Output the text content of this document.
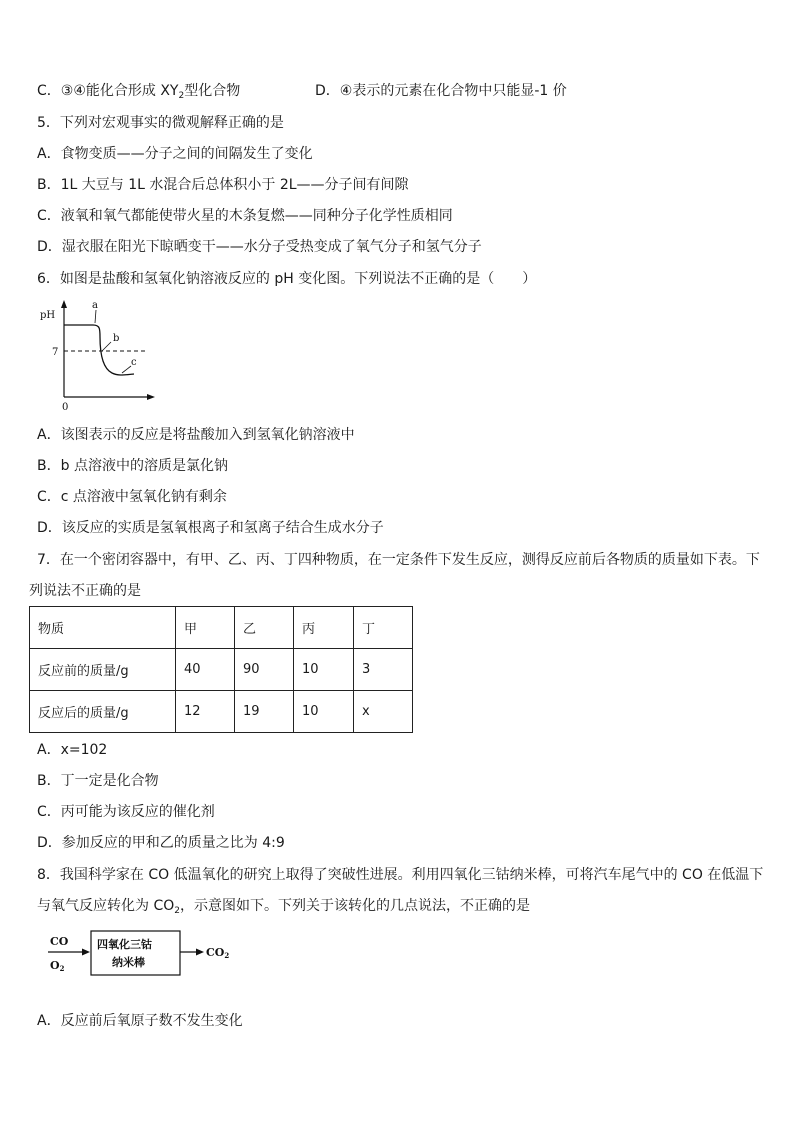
C．③④能化合形成 $XY_2$型化合物	D．④表示的元素在化合物中只能显-1 价
5．下列对宏观事实的微观解释正确的是
A．食物变质——分子之间的间隔发生了变化
B．1L 大豆与 1L 水混合后总体积小于 2L——分子间有间隙
C．液氧和氧气都能使带火星的木条复燃——同种分子化学性质相同
D．湿衣服在阳光下晾晒变干——水分子受热变成了氧气分子和氢气分子
6．如图是盐酸和氢氧化钠溶液反应的 pH 变化图。下列说法不正确的是（　　）
pH
7
0
a
b
c
A．该图表示的反应是将盐酸加入到氢氧化钠溶液中
B．b 点溶液中的溶质是氯化钠
C．c 点溶液中氢氧化钠有剩余
D．该反应的实质是氢氧根离子和氢离子结合生成水分子
7．在一个密闭容器中，有甲、乙、丙、丁四种物质，在一定条件下发生反应，测得反应前后各物质的质量如下表。下
列说法不正确的是
物质	甲	乙	丙	丁
反应前的质量/g	40	90	10	3
反应后的质量/g	12	19	10	x
A．x=102
B．丁一定是化合物
C．丙可能为该反应的催化剂
D．参加反应的甲和乙的质量之比为 4:9
8．我国科学家在 CO 低温氧化的研究上取得了突破性进展。利用四氧化三钴纳米棒，可将汽车尾气中的 CO 在低温下
与氧气反应转化为 $CO_2$，示意图如下。下列关于该转化的几点说法，不正确的是
CO
O2
四氧化三钴
纳米棒
CO2
A．反应前后氧原子数不发生变化
